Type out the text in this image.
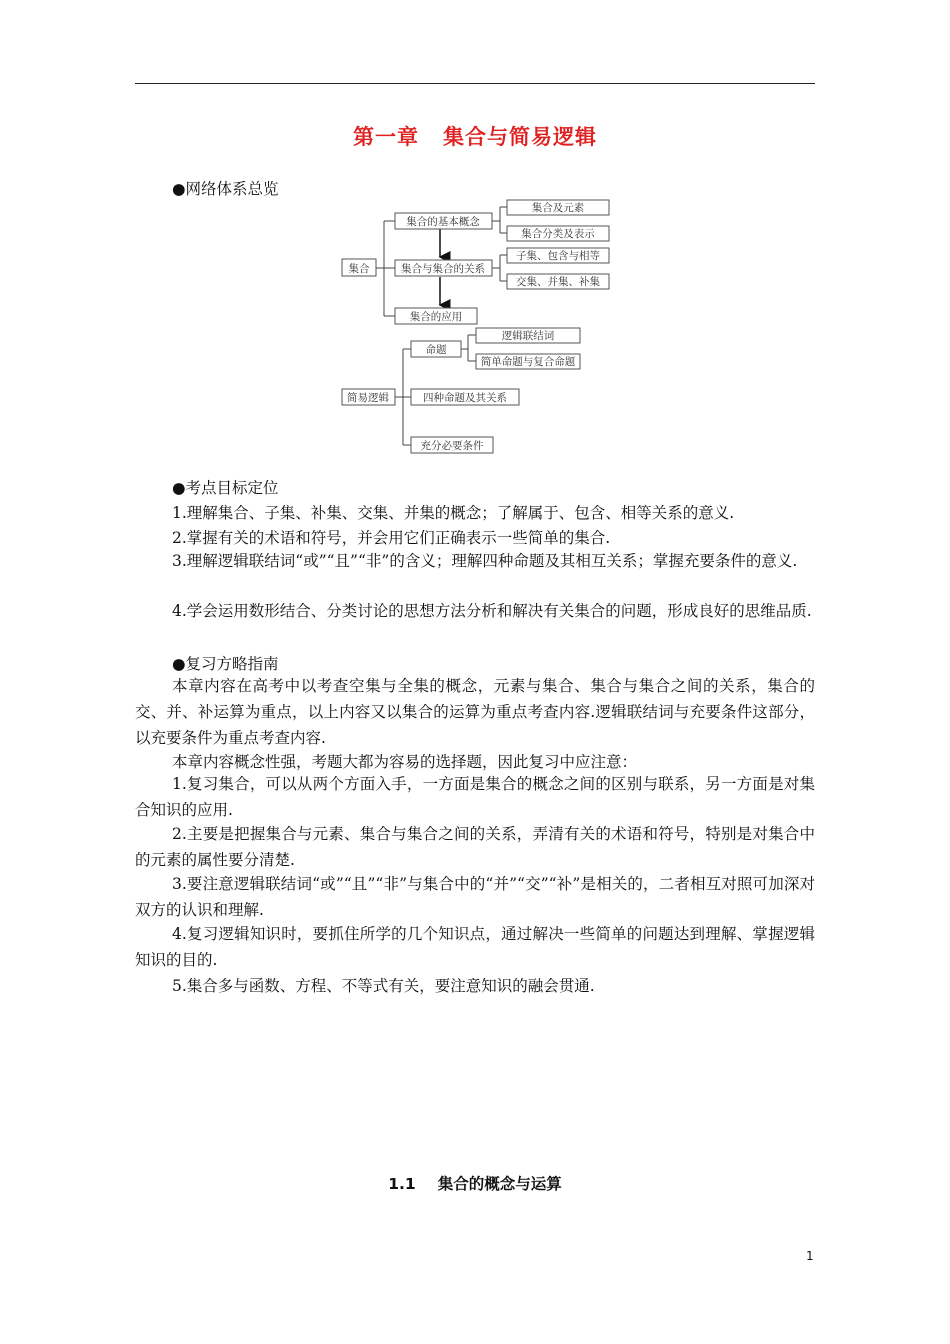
第一章 集合与简易逻辑
●网络体系总览
集合
集合的基本概念
集合与集合的关系
集合的应用
集合及元素
集合分类及表示
子集、包含与相等
交集、并集、补集
简易逻辑
命题
四种命题及其关系
充分必要条件
逻辑联结词
简单命题与复合命题
●考点目标定位
1.理解集合、子集、补集、交集、并集的概念；了解属于、包含、相等关系的意义.
2.掌握有关的术语和符号，并会用它们正确表示一些简单的集合.
3.理解逻辑联结词“或”“且”“非”的含义；理解四种命题及其相互关系；掌握充要条件的意义.
4.学会运用数形结合、分类讨论的思想方法分析和解决有关集合的问题，形成良好的思维品质.
●复习方略指南
本章内容在高考中以考查空集与全集的概念，元素与集合、集合与集合之间的关系，集合的交、并、补运算为重点，以上内容又以集合的运算为重点考查内容.逻辑联结词与充要条件这部分，以充要条件为重点考查内容.
本章内容概念性强，考题大都为容易的选择题，因此复习中应注意：
1.复习集合，可以从两个方面入手，一方面是集合的概念之间的区别与联系，另一方面是对集合知识的应用.
2.主要是把握集合与元素、集合与集合之间的关系，弄清有关的术语和符号，特别是对集合中的元素的属性要分清楚.
3.要注意逻辑联结词“或”“且”“非”与集合中的“并”“交”“补”是相关的，二者相互对照可加深对双方的认识和理解.
4.复习逻辑知识时，要抓住所学的几个知识点，通过解决一些简单的问题达到理解、掌握逻辑知识的目的.
5.集合多与函数、方程、不等式有关，要注意知识的融会贯通.
1.1 集合的概念与运算
1
